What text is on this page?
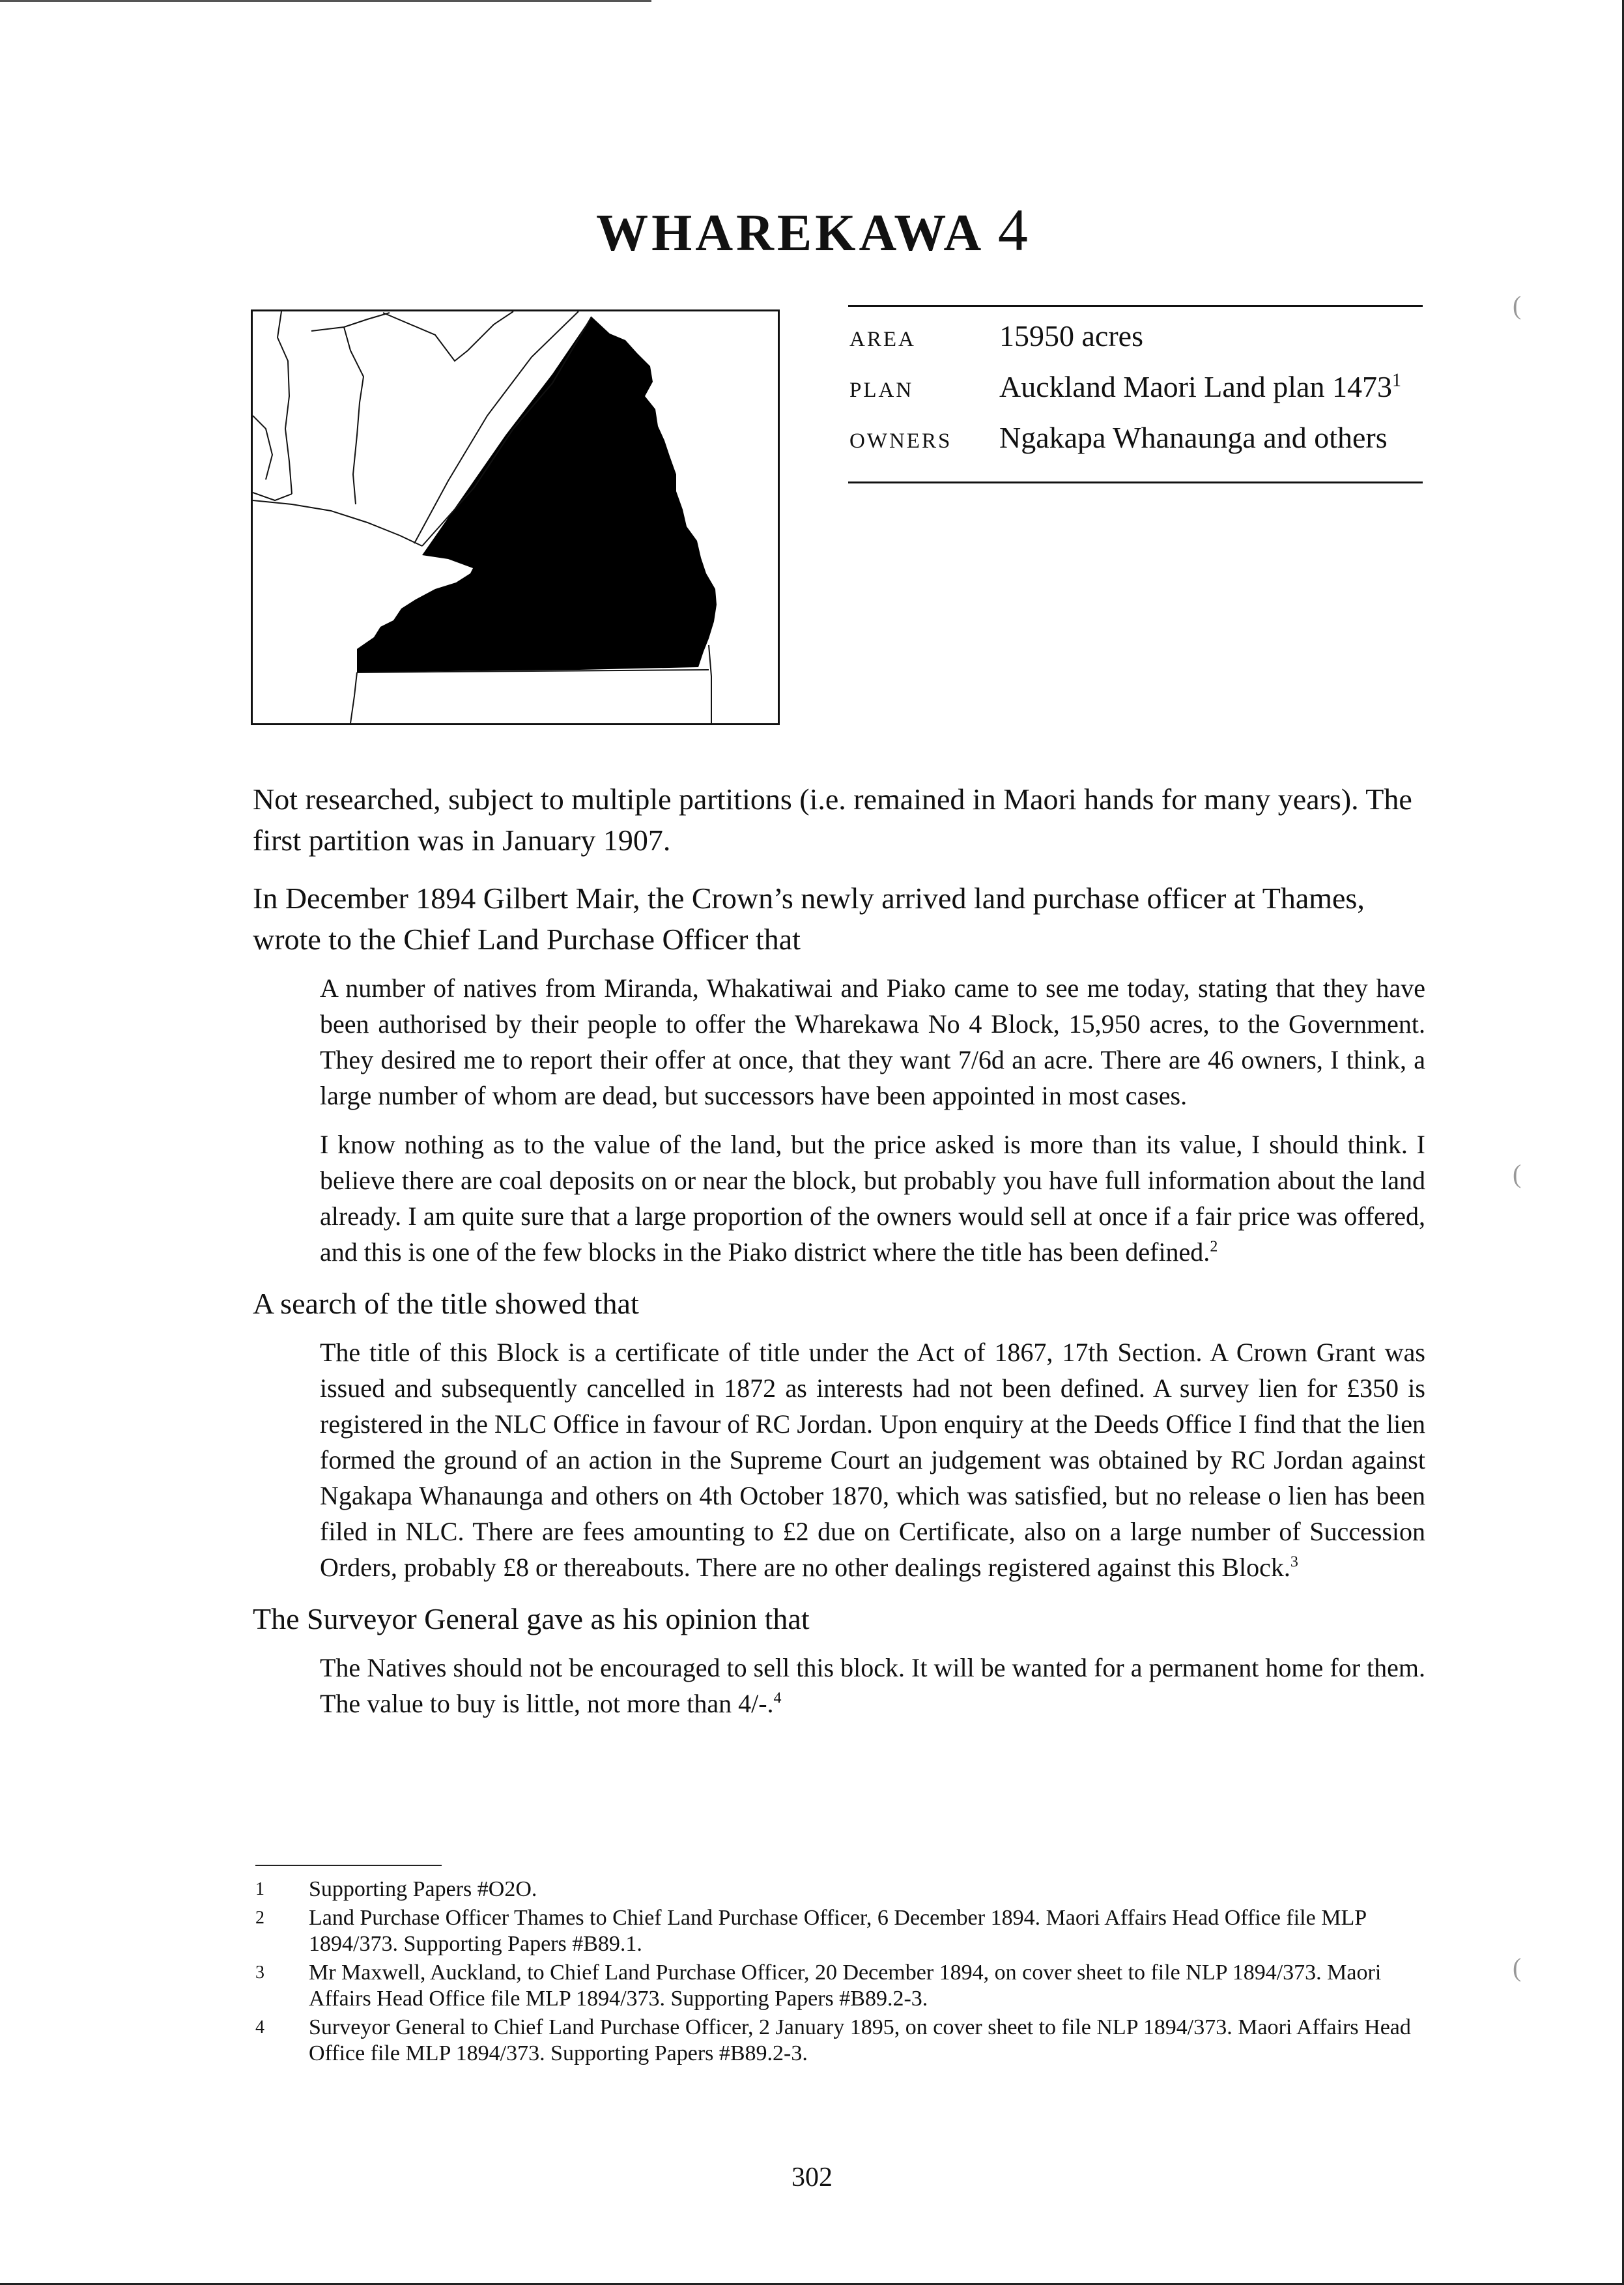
WHAREKAWA 4
AREA	15950 acres
PLAN	Auckland Maori Land plan 1473$^1$
OWNERS	Ngakapa Whanaunga and others

Not researched, subject to multiple partitions (i.e. remained in Maori hands for many years). The first partition was in January 1907.

In December 1894 Gilbert Mair, the Crown’s newly arrived land purchase officer at Thames, wrote to the Chief Land Purchase Officer that

A number of natives from Miranda, Whakatiwai and Piako came to see me today, stating that they have been authorised by their people to offer the Wharekawa No 4 Block, 15,950 acres, to the Government. They desired me to report their offer at once, that they want 7/6d an acre. There are 46 owners, I think, a large number of whom are dead, but successors have been appointed in most cases.
I know nothing as to the value of the land, but the price asked is more than its value, I should think. I believe there are coal deposits on or near the block, but probably you have full information about the land already. I am quite sure that a large proportion of the owners would sell at once if a fair price was offered, and this is one of the few blocks in the Piako district where the title has been defined.$^2$

A search of the title showed that

The title of this Block is a certificate of title under the Act of 1867, 17th Section. A Crown Grant was issued and subsequently cancelled in 1872 as interests had not been defined. A survey lien for £350 is registered in the NLC Office in favour of RC Jordan. Upon enquiry at the Deeds Office I find that the lien formed the ground of an action in the Supreme Court an judgement was obtained by RC Jordan against Ngakapa Whanaunga and others on 4th October 1870, which was satisfied, but no release o lien has been filed in NLC. There are fees amounting to £2 due on Certificate, also on a large number of Succession Orders, probably £8 or thereabouts. There are no other dealings registered against this Block.$^3$

The Surveyor General gave as his opinion that

The Natives should not be encouraged to sell this block. It will be wanted for a permanent home for them. The value to buy is little, not more than 4/-.$^4$
1	Supporting Papers #O2O.
2	Land Purchase Officer Thames to Chief Land Purchase Officer, 6 December 1894. Maori Affairs Head Office file MLP 1894/373. Supporting Papers #B89.1.
3	Mr Maxwell, Auckland, to Chief Land Purchase Officer, 20 December 1894, on cover sheet to file NLP 1894/373. Maori Affairs Head Office file MLP 1894/373. Supporting Papers #B89.2-3.
4	Surveyor General to Chief Land Purchase Officer, 2 January 1895, on cover sheet to file NLP 1894/373. Maori Affairs Head Office file MLP 1894/373. Supporting Papers #B89.2-3.
302
(
(
(
